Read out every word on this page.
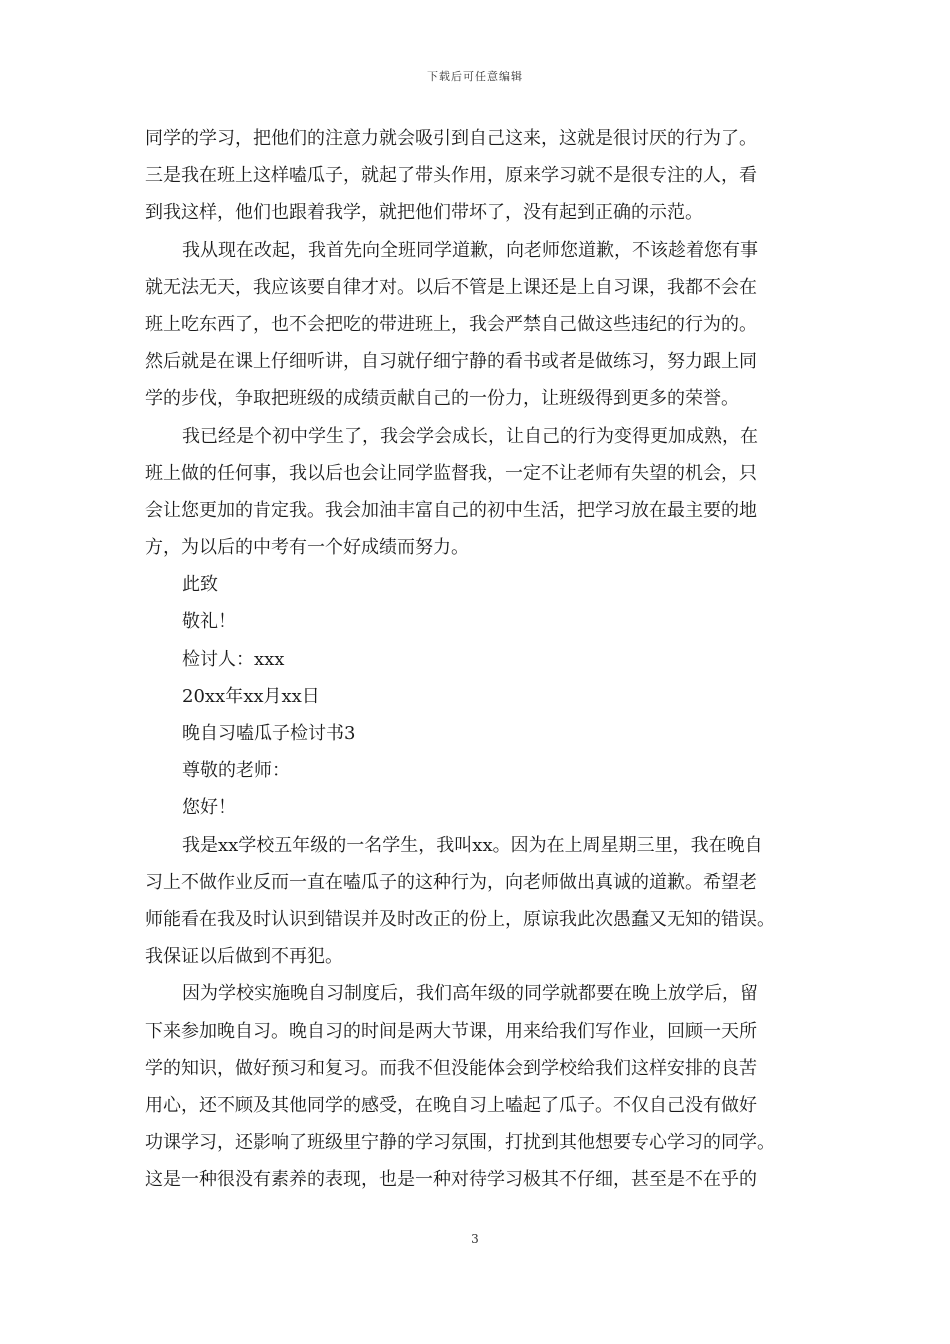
下载后可任意编辑
同学的学习，把他们的注意力就会吸引到自己这来，这就是很讨厌的行为了。
三是我在班上这样嗑瓜子，就起了带头作用，原来学习就不是很专注的人，看
到我这样，他们也跟着我学，就把他们带坏了，没有起到正确的示范。
我从现在改起，我首先向全班同学道歉，向老师您道歉，不该趁着您有事
就无法无天，我应该要自律才对。以后不管是上课还是上自习课，我都不会在
班上吃东西了，也不会把吃的带进班上，我会严禁自己做这些违纪的行为的。
然后就是在课上仔细听讲，自习就仔细宁静的看书或者是做练习，努力跟上同
学的步伐，争取把班级的成绩贡献自己的一份力，让班级得到更多的荣誉。
我已经是个初中学生了，我会学会成长，让自己的行为变得更加成熟，在
班上做的任何事，我以后也会让同学监督我，一定不让老师有失望的机会，只
会让您更加的肯定我。我会加油丰富自己的初中生活，把学习放在最主要的地
方，为以后的中考有一个好成绩而努力。
此致
敬礼！
检讨人：xxx
20xx年xx月xx日
晚自习嗑瓜子检讨书3
尊敬的老师：
您好！
我是xx学校五年级的一名学生，我叫xx。因为在上周星期三里，我在晚自
习上不做作业反而一直在嗑瓜子的这种行为，向老师做出真诚的道歉。希望老
师能看在我及时认识到错误并及时改正的份上，原谅我此次愚蠢又无知的错误。
我保证以后做到不再犯。
因为学校实施晚自习制度后，我们高年级的同学就都要在晚上放学后，留
下来参加晚自习。晚自习的时间是两大节课，用来给我们写作业，回顾一天所
学的知识，做好预习和复习。而我不但没能体会到学校给我们这样安排的良苦
用心，还不顾及其他同学的感受，在晚自习上嗑起了瓜子。不仅自己没有做好
功课学习，还影响了班级里宁静的学习氛围，打扰到其他想要专心学习的同学。
这是一种很没有素养的表现，也是一种对待学习极其不仔细，甚至是不在乎的
3
